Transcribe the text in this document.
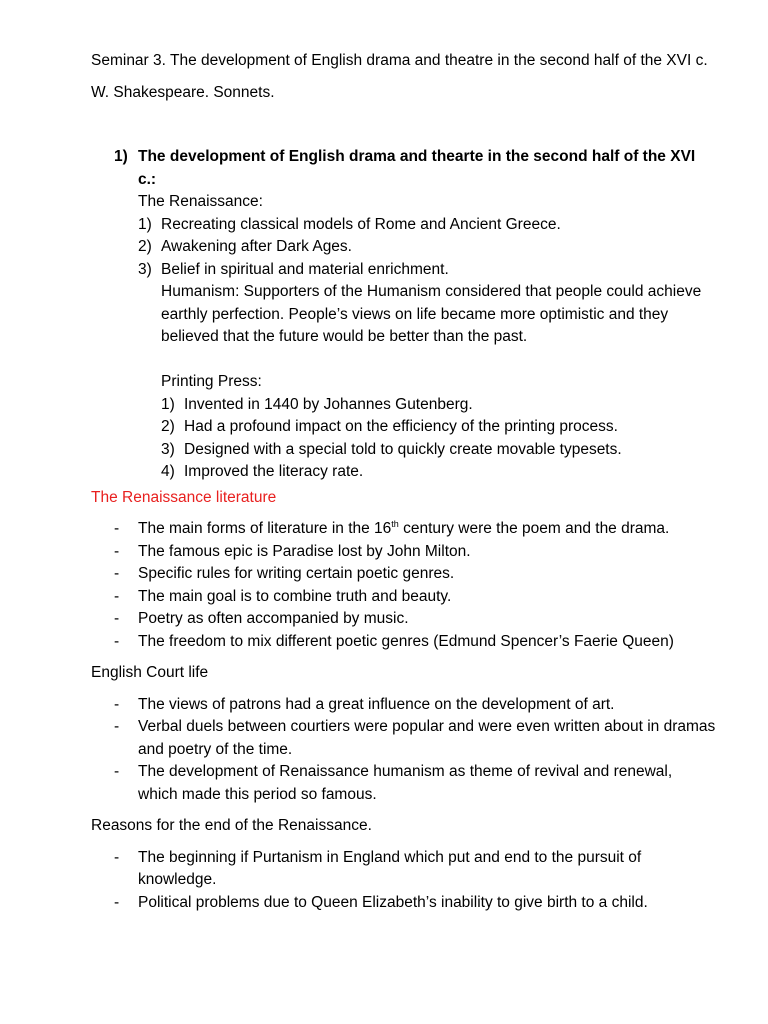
Seminar 3. The development of English drama and theatre in the second half of the XVI c.
W. Shakespeare. Sonnets.
1) The development of English drama and thearte in the second half of the XVI c.:
The Renaissance:
1) Recreating classical models of Rome and Ancient Greece.
2) Awakening after Dark Ages.
3) Belief in spiritual and material enrichment.
Humanism: Supporters of the Humanism considered that people could achieve earthly perfection. People’s views on life became more optimistic and they believed that the future would be better than the past.
Printing Press:
1) Invented in 1440 by Johannes Gutenberg.
2) Had a profound impact on the efficiency of the printing process.
3) Designed with a special told to quickly create movable typesets.
4) Improved the literacy rate.
The Renaissance literature
-	The main forms of literature in the 16th century were the poem and the drama.
-	The famous epic is Paradise lost by John Milton.
-	Specific rules for writing certain poetic genres.
-	The main goal is to combine truth and beauty.
-	Poetry as often accompanied by music.
-	The freedom to mix different poetic genres (Edmund Spencer’s Faerie Queen)
English Court life
-	The views of patrons had a great influence on the development of art.
-	Verbal duels between courtiers were popular and were even written about in dramas and poetry of the time.
-	The development of Renaissance humanism as theme of revival and renewal, which made this period so famous.
Reasons for the end of the Renaissance.
-	The beginning if Purtanism in England which put and end to the pursuit of knowledge.
-	Political problems due to Queen Elizabeth’s inability to give birth to a child.
